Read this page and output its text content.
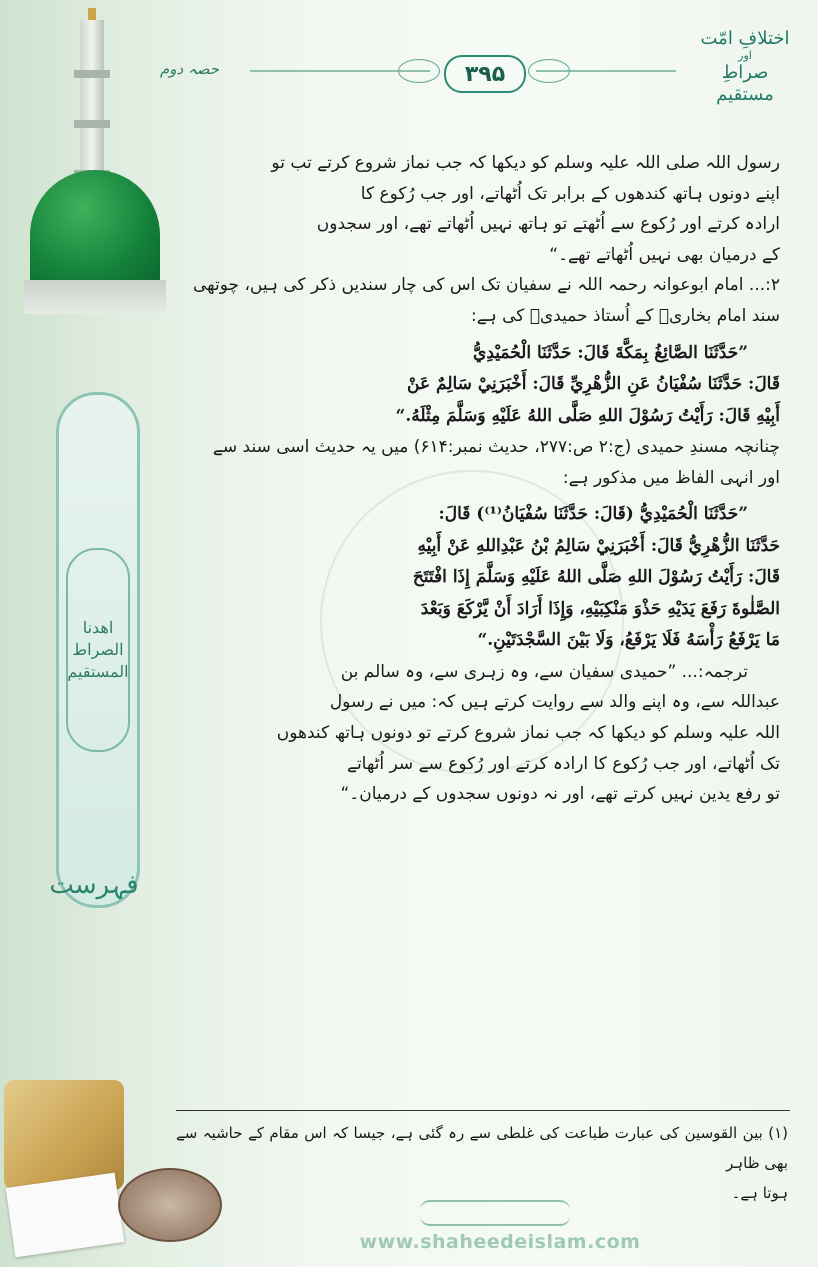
اختلافِ امّت
اور
صراطِ مستقیم
حصہ دوم	۳۹۵
اھدنا الصراط
المستقیم
فہرست

رسول اللہ صلی اللہ علیہ وسلم کو دیکھا کہ جب نماز شروع کرتے تب تو

اپنے دونوں ہاتھ کندھوں کے برابر تک اُٹھاتے، اور جب رُکوع کا

ارادہ کرتے اور رُکوع سے اُٹھتے تو ہاتھ نہیں اُٹھاتے تھے، اور سجدوں

کے درمیان بھی نہیں اُٹھاتے تھے۔“

۲:... امام ابوعوانہ رحمہ اللہ نے سفیان تک اس کی چار سندیں ذکر کی ہیں، چوتھی

سند امام بخاریؒ کے اُستاذ حمیدیؒ کی ہے:

”حَدَّثَنَا الصَّائِغُ بِمَكَّةَ قَالَ: حَدَّثَنَا الْحُمَيْدِيُّ

قَالَ: حَدَّثَنَا سُفْيَانُ عَنِ الزُّهْرِيِّ قَالَ: أَخْبَرَنِيْ سَالِمٌ عَنْ

أَبِيْهِ قَالَ: رَأَيْتُ رَسُوْلَ اللهِ صَلَّى اللهُ عَلَيْهِ وَسَلَّمَ مِثْلَهُ.“

چنانچہ مسندِ حمیدی (ج:۲ ص:۲۷۷، حدیث نمبر:۶۱۴) میں یہ حدیث اسی سند سے

اور انہی الفاظ میں مذکور ہے:

”حَدَّثَنَا الْحُمَيْدِيُّ (قَالَ: حَدَّثَنَا سُفْيَانُ⁽¹⁾) قَالَ:

حَدَّثَنَا الزُّهْرِيُّ قَالَ: أَخْبَرَنِيْ سَالِمُ بْنُ عَبْدِاللهِ عَنْ أَبِيْهِ

قَالَ: رَأَيْتُ رَسُوْلَ اللهِ صَلَّى اللهُ عَلَيْهِ وَسَلَّمَ إِذَا افْتَتَحَ

الصَّلٰوةَ رَفَعَ يَدَيْهِ حَذْوَ مَنْكِبَيْهِ، وَإِذَا أَرَادَ أَنْ يَّرْكَعَ وَبَعْدَ

مَا يَرْفَعُ رَأْسَهُ فَلَا يَرْفَعُ، وَلَا بَيْنَ السَّجْدَتَيْنِ.“

ترجمہ:... ”حمیدی سفیان سے، وہ زہری سے، وہ سالم بن

عبداللہ سے، وہ اپنے والد سے روایت کرتے ہیں کہ: میں نے رسول

اللہ علیہ وسلم کو دیکھا کہ جب نماز شروع کرتے تو دونوں ہاتھ کندھوں

تک اُٹھاتے، اور جب رُکوع کا ارادہ کرتے اور رُکوع سے سر اُٹھاتے

تو رفع یدین نہیں کرتے تھے، اور نہ دونوں سجدوں کے درمیان۔“

(۱) بین القوسین کی عبارت طباعت کی غلطی سے رہ گئی ہے، جیسا کہ اس مقام کے حاشیہ سے بھی ظاہر
ہوتا ہے۔
www.shaheedeislam.com
